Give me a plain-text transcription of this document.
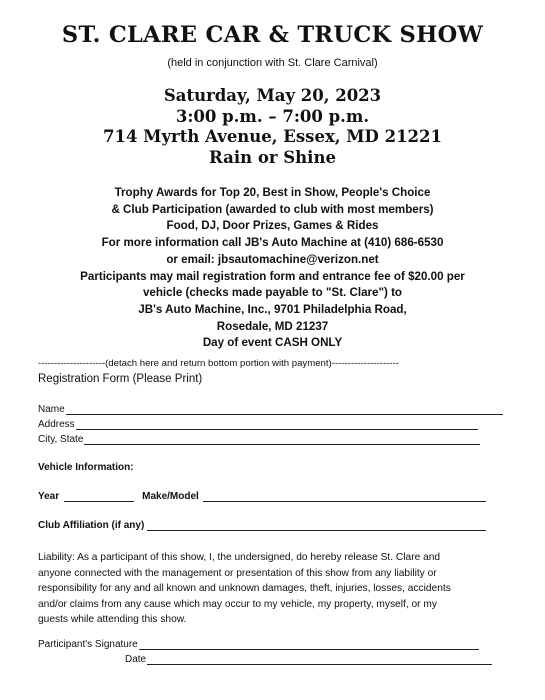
ST. CLARE CAR & TRUCK SHOW
(held in conjunction with St. Clare Carnival)
Saturday, May 20, 2023
3:00 p.m. – 7:00 p.m.
714 Myrth Avenue, Essex, MD 21221
Rain or Shine
Trophy Awards for Top 20, Best in Show, People's Choice
& Club Participation (awarded to club with most members)
Food, DJ, Door Prizes, Games & Rides
For more information call JB's Auto Machine at (410) 686-6530
or email: jbsautomachine@verizon.net
Participants may mail registration form and entrance fee of $20.00 per
vehicle (checks made payable to "St. Clare") to
JB's Auto Machine, Inc., 9701 Philadelphia Road,
Rosedale, MD 21237
Day of event CASH ONLY
---------------------(detach here and return bottom portion with payment)---------------------
Registration Form (Please Print)
Name
Address
City, State
Vehicle Information:
Year	Make/Model
Club Affiliation (if any)
Liability: As a participant of this show, I, the undersigned, do hereby release St. Clare and
anyone connected with the management or presentation of this show from any liability or
responsibility for any and all known and unknown damages, theft, injuries, losses, accidents
and/or claims from any cause which may occur to my vehicle, my property, myself, or my
guests while attending this show.
Participant's Signature
Date
